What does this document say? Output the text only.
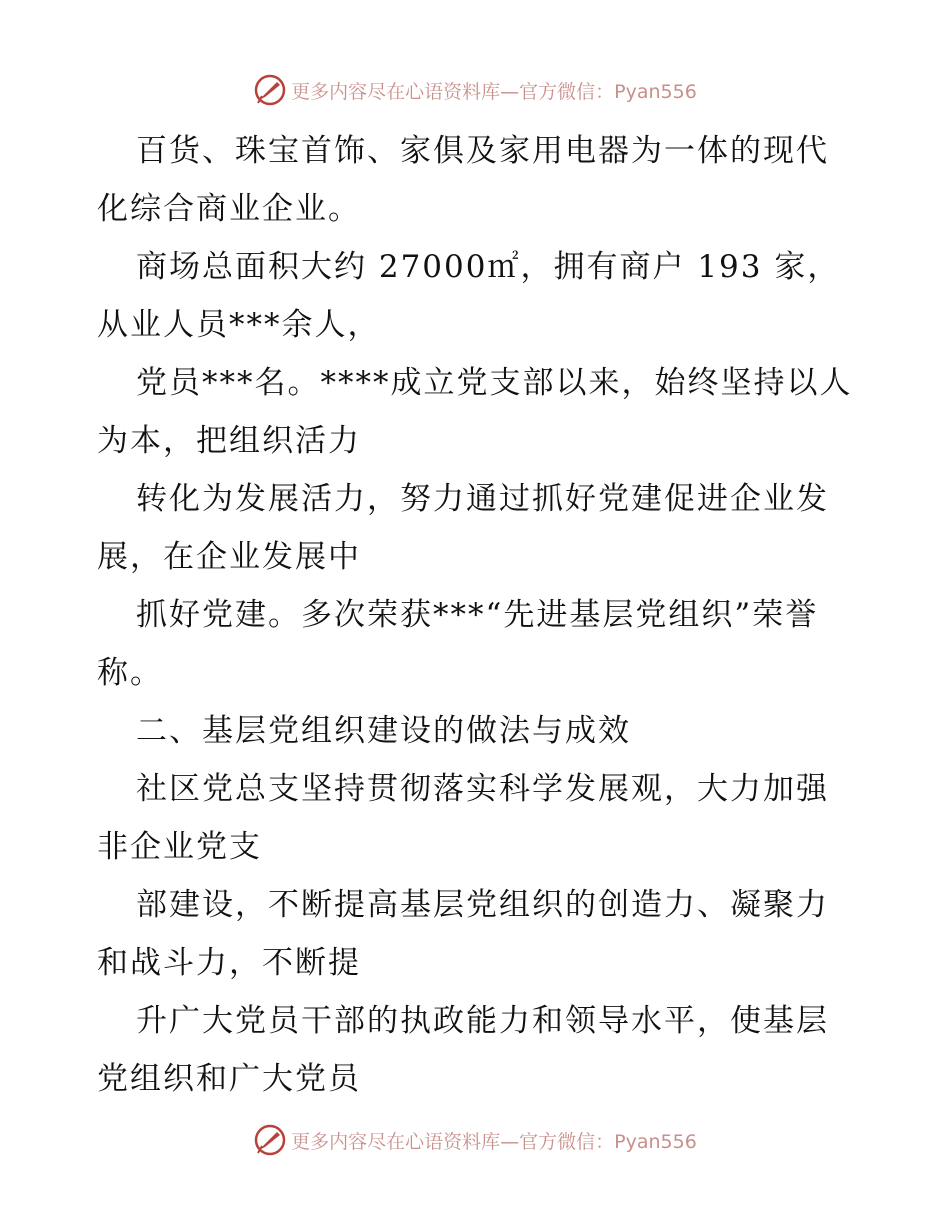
更多内容尽在心语资料库—官方微信：Pyan556

百货、珠宝首饰、家俱及家用电器为一体的现代化综合商业企业。

商场总面积大约 27000㎡，拥有商户 193 家，从业人员***余人，

党员***名。****成立党支部以来，始终坚持以人为本，把组织活力

转化为发展活力，努力通过抓好党建促进企业发展，在企业发展中

抓好党建。多次荣获***“先进基层党组织”荣誉称。

二、基层党组织建设的做法与成效

社区党总支坚持贯彻落实科学发展观，大力加强非企业党支

部建设，不断提高基层党组织的创造力、凝聚力和战斗力，不断提

升广大党员干部的执政能力和领导水平，使基层党组织和广大党员

更多内容尽在心语资料库—官方微信：Pyan556
